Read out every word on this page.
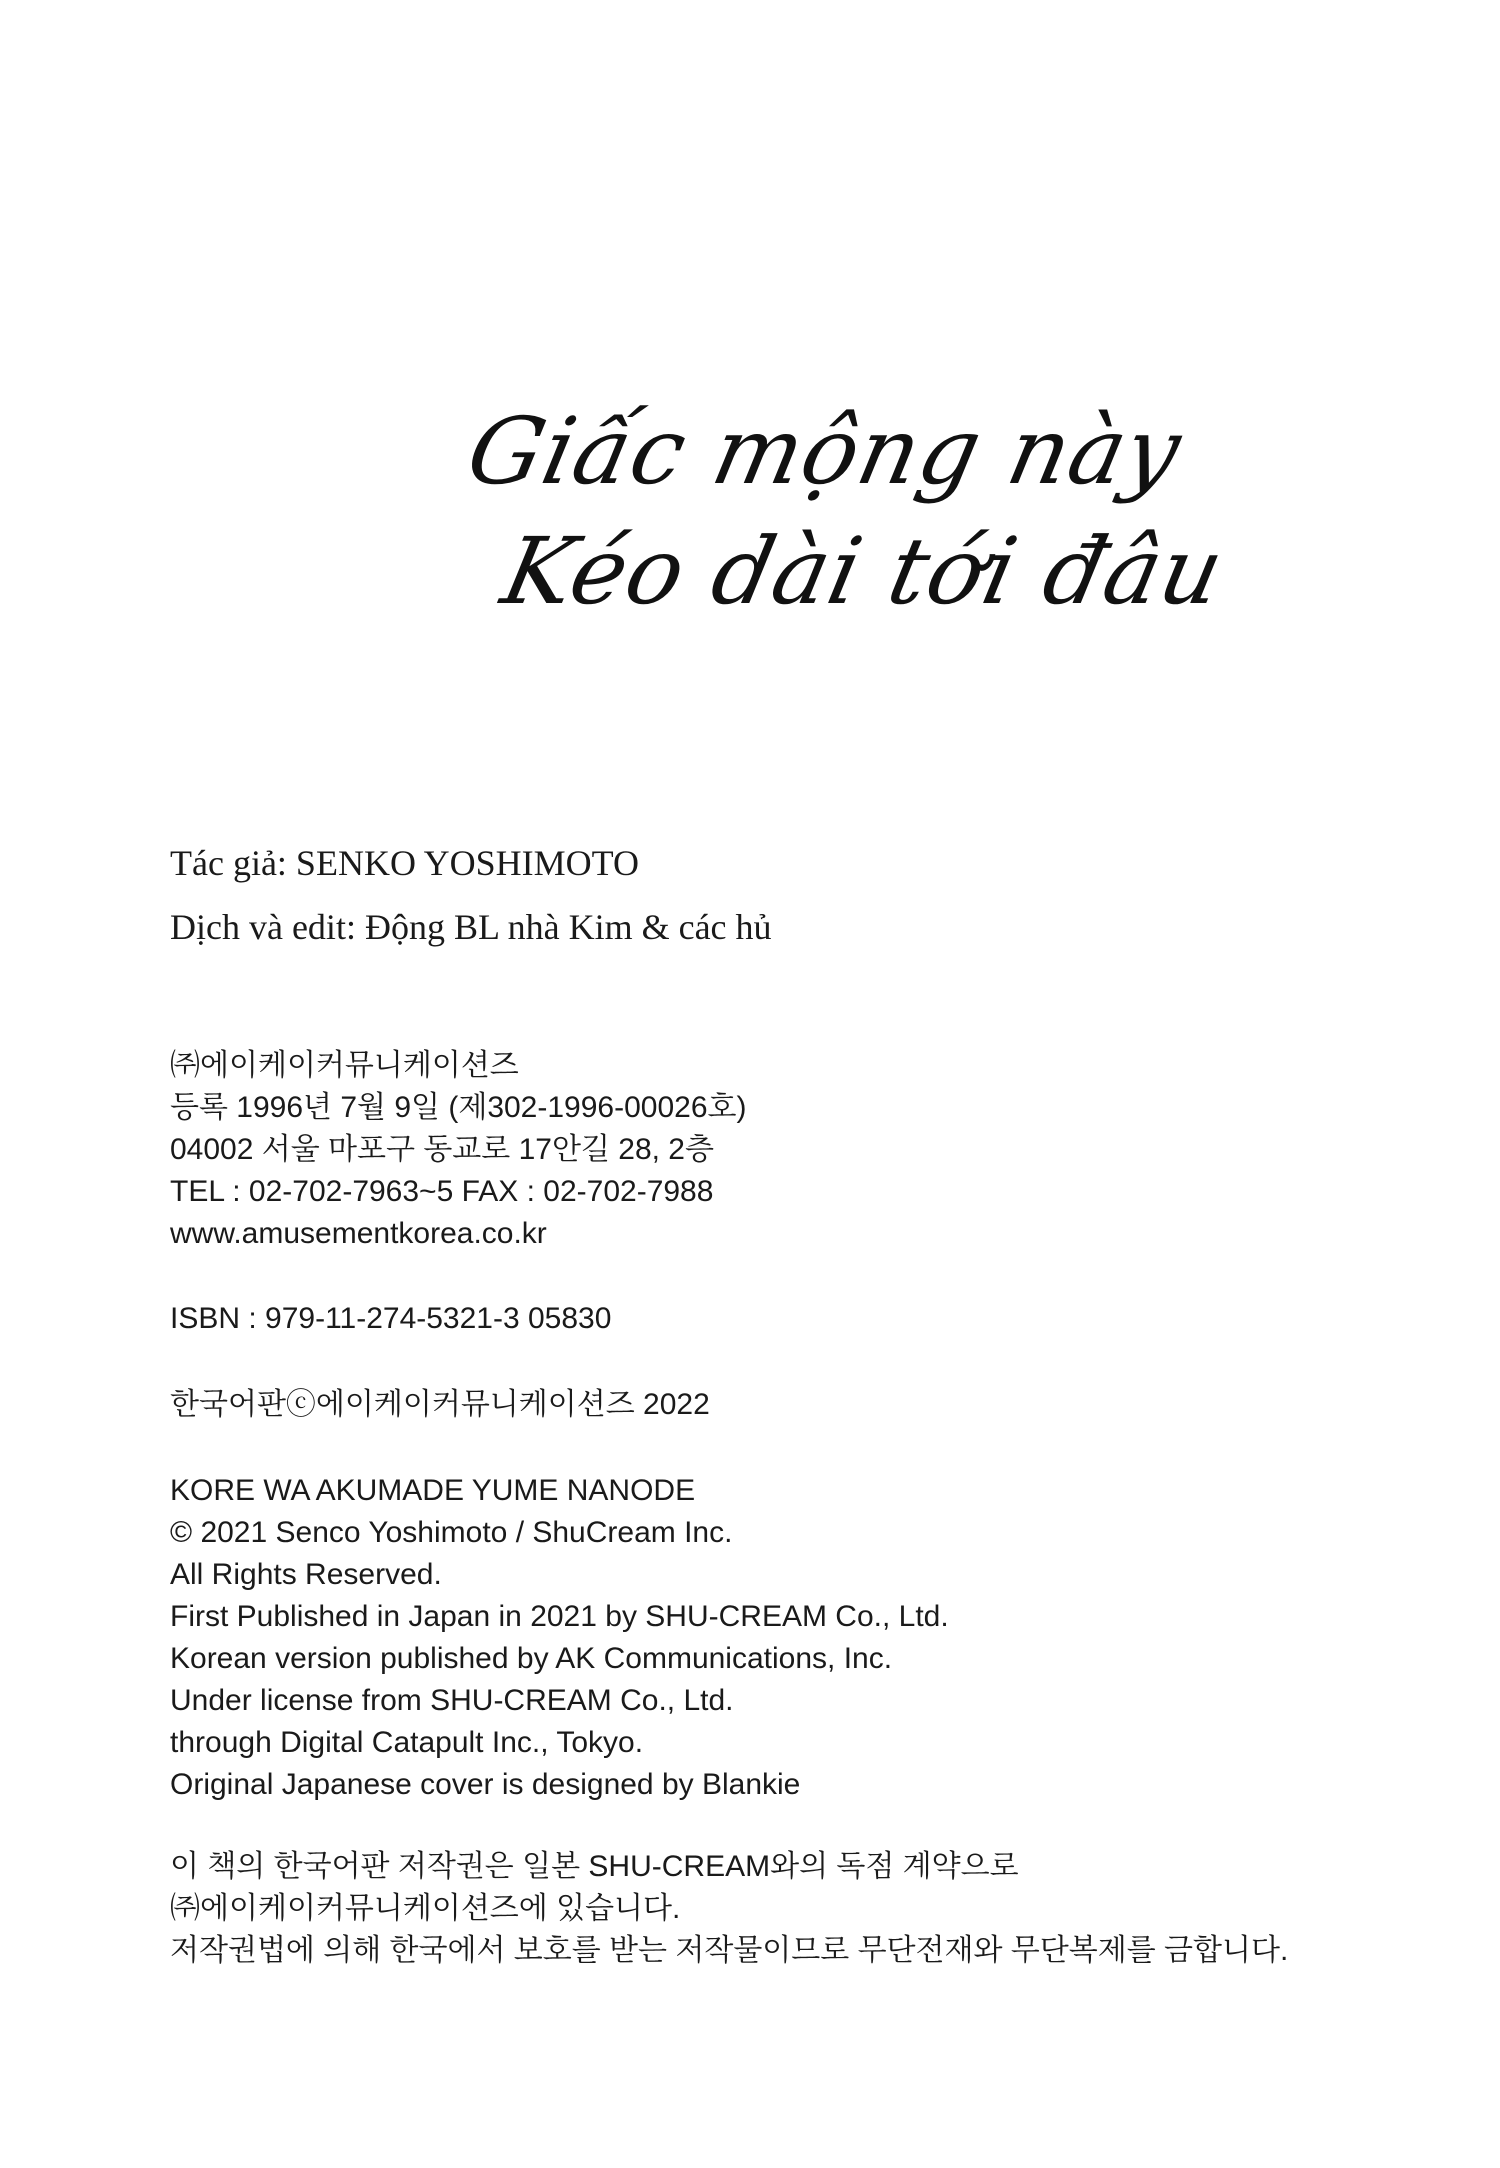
Giấc mộng này
Kéo dài tới đâu
Tác giả: SENKO YOSHIMOTO
Dịch và edit: Động BL nhà Kim & các hủ
㈜에이케이커뮤니케이션즈
등록 1996년 7월 9일 (제302-1996-00026호)
04002 서울 마포구 동교로 17안길 28, 2층
TEL : 02-702-7963~5 FAX : 02-702-7988
www.amusementkorea.co.kr
ISBN : 979-11-274-5321-3 05830
한국어판ⓒ에이케이커뮤니케이션즈 2022
KORE WA AKUMADE YUME NANODE
© 2021 Senco Yoshimoto / ShuCream Inc.
All Rights Reserved.
First Published in Japan in 2021 by SHU-CREAM Co., Ltd.
Korean version published by AK Communications, Inc.
Under license from SHU-CREAM Co., Ltd.
through Digital Catapult Inc., Tokyo.
Original Japanese cover is designed by Blankie
이 책의 한국어판 저작권은 일본 SHU-CREAM와의 독점 계약으로
㈜에이케이커뮤니케이션즈에 있습니다.
저작권법에 의해 한국에서 보호를 받는 저작물이므로 무단전재와 무단복제를 금합니다.
